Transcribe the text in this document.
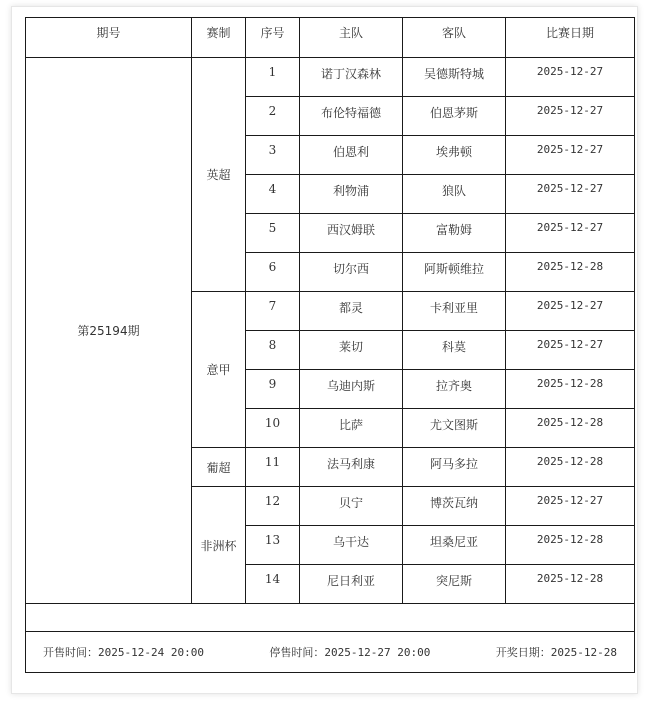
期号	赛制	序号	主队	客队	比赛日期
第25194期	英超	1	诺丁汉森林	吴德斯特城	2025-12-27
		2	布伦特福德	伯恩茅斯	2025-12-27
		3	伯恩利	埃弗顿	2025-12-27
		4	利物浦	狼队	2025-12-27
		5	西汉姆联	富勒姆	2025-12-27
		6	切尔西	阿斯顿维拉	2025-12-28
	意甲	7	都灵	卡利亚里	2025-12-27
		8	莱切	科莫	2025-12-27
		9	乌迪内斯	拉齐奥	2025-12-28
		10	比萨	尤文图斯	2025-12-28
	葡超	11	法马利康	阿马多拉	2025-12-28
	非洲杯	12	贝宁	博茨瓦纳	2025-12-27
		13	乌干达	坦桑尼亚	2025-12-28
		14	尼日利亚	突尼斯	2025-12-28

开售时间：2025-12-24 20:00 停售时间：2025-12-27 20:00 开奖日期：2025-12-28					
